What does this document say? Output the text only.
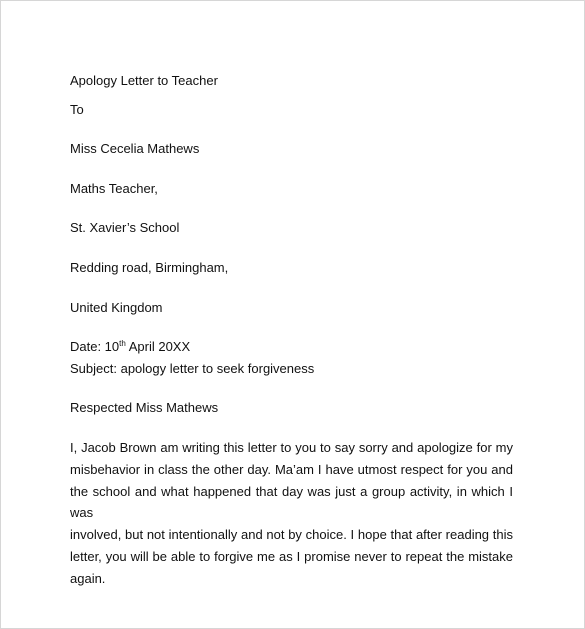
Apology Letter to Teacher
To
Miss Cecelia Mathews
Maths Teacher,
St. Xavier’s School
Redding road, Birmingham,
United Kingdom
Date: 10th April 20XX
Subject: apology letter to seek forgiveness
Respected Miss Mathews

I, Jacob Brown am writing this letter to you to say sorry and apologize for my
misbehavior in class the other day. Ma’am I have utmost respect for you and
the school and what happened that day was just a group activity, in which I was
involved, but not intentionally and not by choice. I hope that after reading this
letter, you will be able to forgive me as I promise never to repeat the mistake
again.
